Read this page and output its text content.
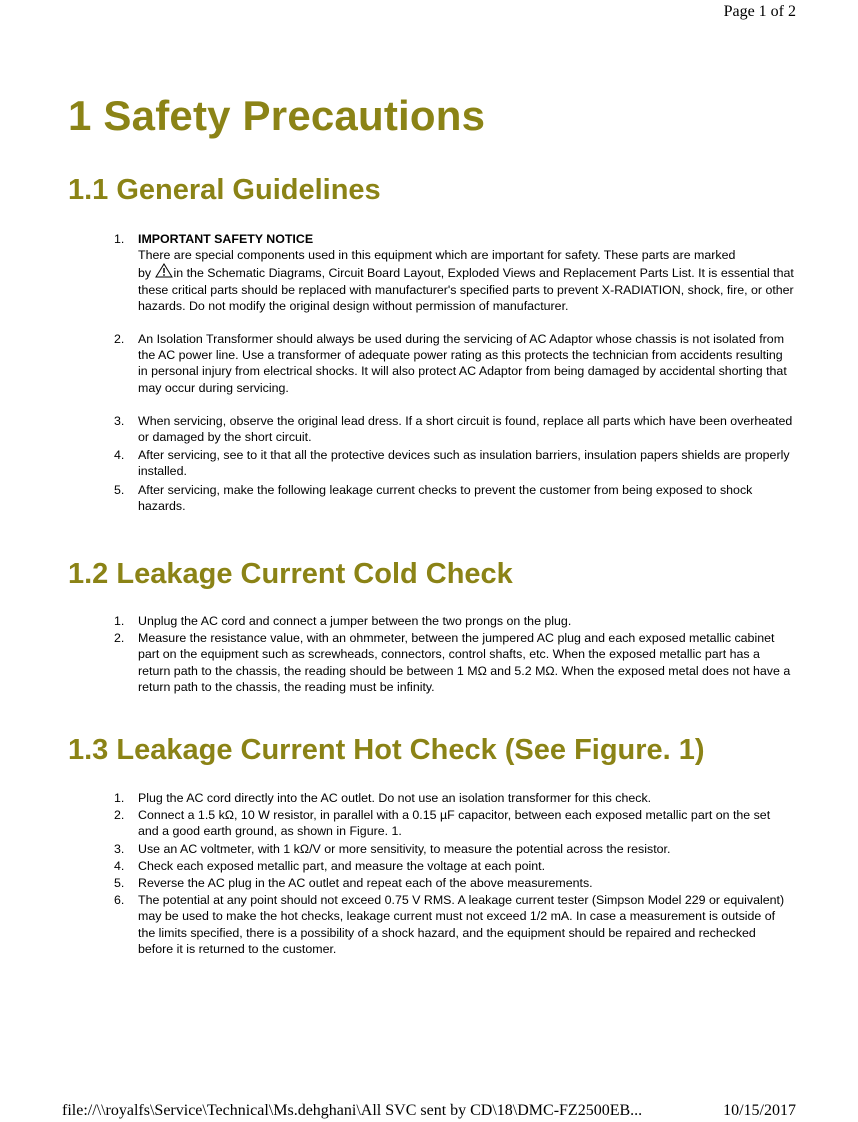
Page 1 of 2
1 Safety Precautions
1.1 General Guidelines
1. IMPORTANT SAFETY NOTICE
There are special components used in this equipment which are important for safety. These parts are marked
by in the Schematic Diagrams, Circuit Board Layout, Exploded Views and Replacement Parts List. It is essential that these critical parts should be replaced with manufacturer's specified parts to prevent X-RADIATION, shock, fire, or other hazards. Do not modify the original design without permission of manufacturer.
2. An Isolation Transformer should always be used during the servicing of AC Adaptor whose chassis is not isolated from the AC power line. Use a transformer of adequate power rating as this protects the technician from accidents resulting in personal injury from electrical shocks. It will also protect AC Adaptor from being damaged by accidental shorting that may occur during servicing.
3. When servicing, observe the original lead dress. If a short circuit is found, replace all parts which have been overheated or damaged by the short circuit.
4. After servicing, see to it that all the protective devices such as insulation barriers, insulation papers shields are properly installed.
5. After servicing, make the following leakage current checks to prevent the customer from being exposed to shock hazards.
1.2 Leakage Current Cold Check
1. Unplug the AC cord and connect a jumper between the two prongs on the plug.
2. Measure the resistance value, with an ohmmeter, between the jumpered AC plug and each exposed metallic cabinet part on the equipment such as screwheads, connectors, control shafts, etc. When the exposed metallic part has a return path to the chassis, the reading should be between 1 MΩ and 5.2 MΩ. When the exposed metal does not have a return path to the chassis, the reading must be infinity.
1.3 Leakage Current Hot Check (See Figure. 1)
1. Plug the AC cord directly into the AC outlet. Do not use an isolation transformer for this check.
2. Connect a 1.5 kΩ, 10 W resistor, in parallel with a 0.15 µF capacitor, between each exposed metallic part on the set and a good earth ground, as shown in Figure. 1.
3. Use an AC voltmeter, with 1 kΩ/V or more sensitivity, to measure the potential across the resistor.
4. Check each exposed metallic part, and measure the voltage at each point.
5. Reverse the AC plug in the AC outlet and repeat each of the above measurements.
6. The potential at any point should not exceed 0.75 V RMS. A leakage current tester (Simpson Model 229 or equivalent) may be used to make the hot checks, leakage current must not exceed 1/2 mA. In case a measurement is outside of the limits specified, there is a possibility of a shock hazard, and the equipment should be repaired and rechecked before it is returned to the customer.
file://\\royalfs\Service\Technical\Ms.dehghani\All SVC sent by CD\18\DMC-FZ2500EB...	10/15/2017
